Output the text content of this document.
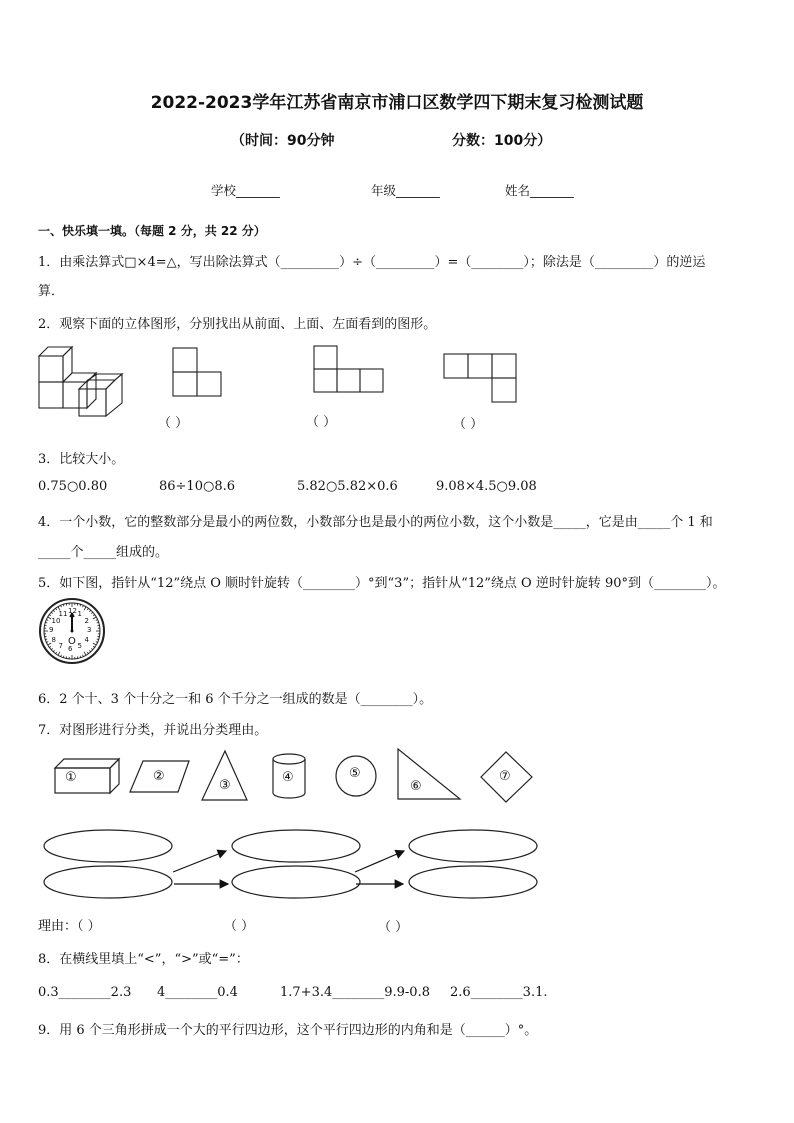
2022-2023学年江苏省南京市浦口区数学四下期末复习检测试题
（时间：90分钟	分数：100分）
学校_______	年级_______	姓名_______
一、快乐填一填。（每题 2 分，共 22 分）
1．由乘法算式□×4=△，写出除法算式（_________）÷（_________）=（________）；除法是（_________）的逆运
算．
2．观察下面的立体图形，分别找出从前面、上面、左面看到的图形。
（ ）	（ ）	（ ）
3．比较大小。
0.75○0.80	86÷10○8.6	5.82○5.82×0.6	9.08×4.5○9.08
4．一个小数，它的整数部分是最小的两位数，小数部分也是最小的两位小数，这个小数是_____，它是由_____个 1 和
_____个_____组成的。
5．如下图，指针从“12”绕点 O 顺时针旋转（________）°到“3”；指针从“12”绕点 O 逆时针旋转 90°到（________）。
12 1
2
3
4
5
6
7
8
9
10
11
O
6．2 个十、3 个十分之一和 6 个千分之一组成的数是（________）。
7．对图形进行分类，并说出分类理由。
①	②
③
④	⑤
⑥
⑦
理由：（ ）	（ ）	（ ）
8．在横线里填上“<”，“>”或“=”：
0.3________2.3 4________0.4	1.7+3.4________9.9-0.8 2.6________3.1.
9．用 6 个三角形拼成一个大的平行四边形，这个平行四边形的内角和是（______）°。
